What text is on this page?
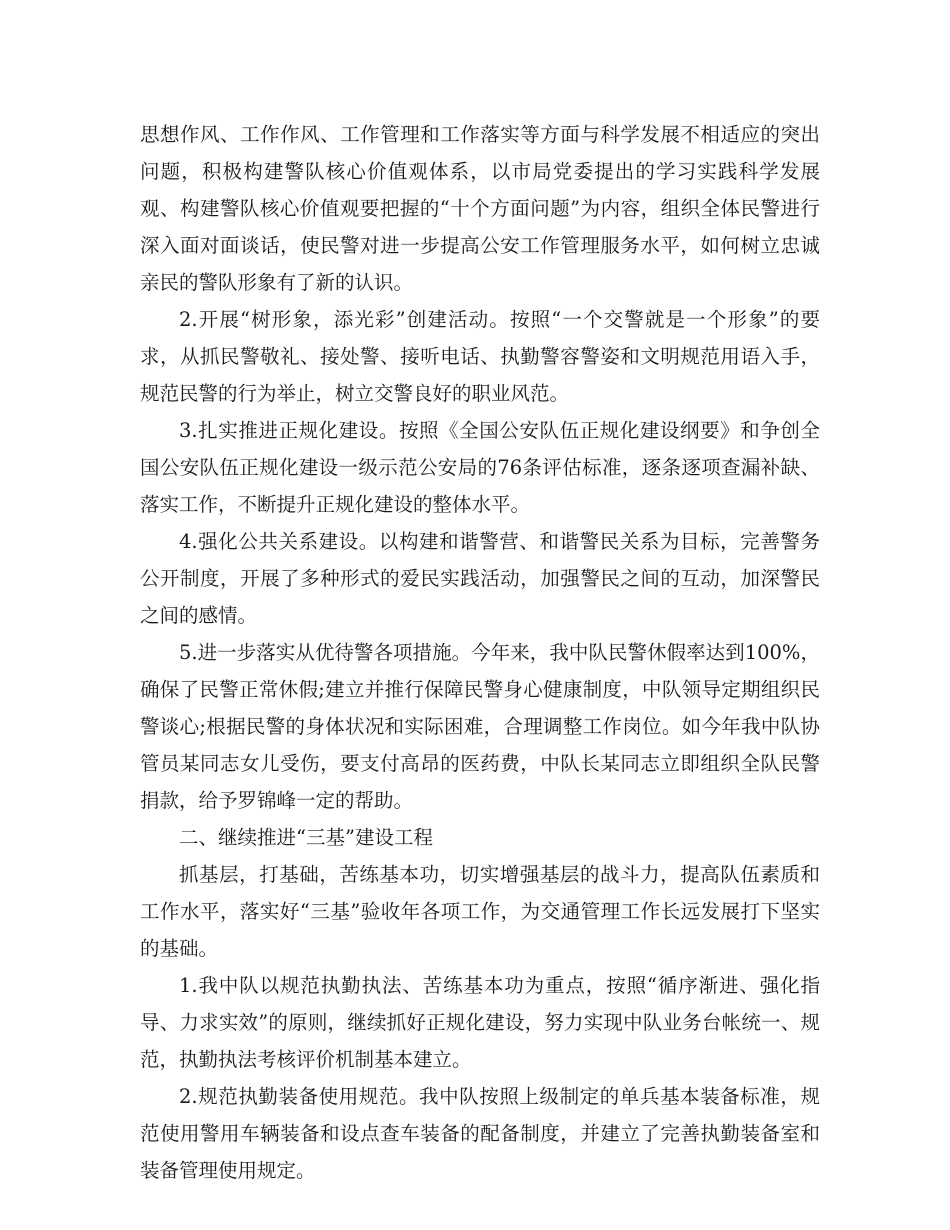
思想作风、工作作风、工作管理和工作落实等方面与科学发展不相适应的突出问题，积极构建警队核心价值观体系，以市局党委提出的学习实践科学发展观、构建警队核心价值观要把握的“十个方面问题”为内容，组织全体民警进行深入面对面谈话，使民警对进一步提高公安工作管理服务水平，如何树立忠诚亲民的警队形象有了新的认识。

2.开展“树形象，添光彩”创建活动。按照“一个交警就是一个形象”的要求，从抓民警敬礼、接处警、接听电话、执勤警容警姿和文明规范用语入手，规范民警的行为举止，树立交警良好的职业风范。

3.扎实推进正规化建设。按照《全国公安队伍正规化建设纲要》和争创全国公安队伍正规化建设一级示范公安局的76条评估标准，逐条逐项查漏补缺、落实工作，不断提升正规化建设的整体水平。

4.强化公共关系建设。以构建和谐警营、和谐警民关系为目标，完善警务公开制度，开展了多种形式的爱民实践活动，加强警民之间的互动，加深警民之间的感情。

5.进一步落实从优待警各项措施。今年来，我中队民警休假率达到100%，确保了民警正常休假;建立并推行保障民警身心健康制度，中队领导定期组织民警谈心;根据民警的身体状况和实际困难，合理调整工作岗位。如今年我中队协管员某同志女儿受伤，要支付高昂的医药费，中队长某同志立即组织全队民警捐款，给予罗锦峰一定的帮助。

二、继续推进“三基”建设工程

抓基层，打基础，苦练基本功，切实增强基层的战斗力，提高队伍素质和工作水平，落实好“三基”验收年各项工作，为交通管理工作长远发展打下坚实的基础。

1.我中队以规范执勤执法、苦练基本功为重点，按照“循序渐进、强化指导、力求实效”的原则，继续抓好正规化建设，努力实现中队业务台帐统一、规范，执勤执法考核评价机制基本建立。

2.规范执勤装备使用规范。我中队按照上级制定的单兵基本装备标准，规范使用警用车辆装备和设点查车装备的配备制度，并建立了完善执勤装备室和装备管理使用规定。
